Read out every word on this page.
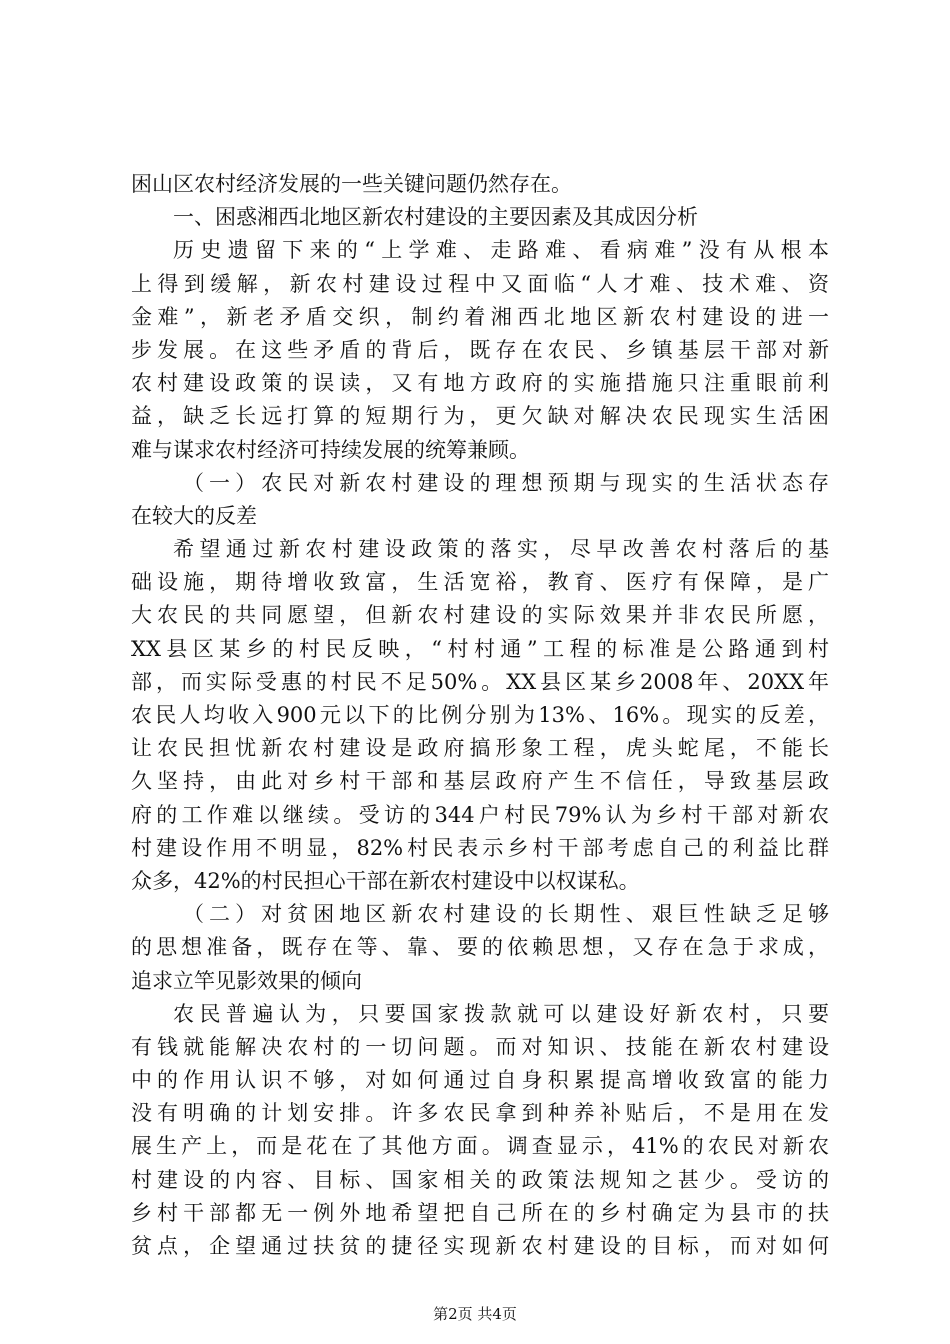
困山区农村经济发展的一些关键问题仍然存在。
一、困惑湘西北地区新农村建设的主要因素及其成因分析
历史遗留下来的“上学难、走路难、看病难”没有从根本
上得到缓解，新农村建设过程中又面临“人才难、技术难、资
金难”，新老矛盾交织，制约着湘西北地区新农村建设的进一
步发展。在这些矛盾的背后，既存在农民、乡镇基层干部对新
农村建设政策的误读，又有地方政府的实施措施只注重眼前利
益，缺乏长远打算的短期行为，更欠缺对解决农民现实生活困
难与谋求农村经济可持续发展的统筹兼顾。
（一）农民对新农村建设的理想预期与现实的生活状态存
在较大的反差
希望通过新农村建设政策的落实，尽早改善农村落后的基
础设施，期待增收致富，生活宽裕，教育、医疗有保障，是广
大农民的共同愿望，但新农村建设的实际效果并非农民所愿，
XX县区某乡的村民反映，“村村通”工程的标准是公路通到村
部，而实际受惠的村民不足50%。XX县区某乡2008年、20XX年
农民人均收入900元以下的比例分别为13%、16%。现实的反差，
让农民担忧新农村建设是政府搞形象工程，虎头蛇尾，不能长
久坚持，由此对乡村干部和基层政府产生不信任，导致基层政
府的工作难以继续。受访的344户村民79%认为乡村干部对新农
村建设作用不明显，82%村民表示乡村干部考虑自己的利益比群
众多，42%的村民担心干部在新农村建设中以权谋私。
（二）对贫困地区新农村建设的长期性、艰巨性缺乏足够
的思想准备，既存在等、靠、要的依赖思想，又存在急于求成，
追求立竿见影效果的倾向
农民普遍认为，只要国家拨款就可以建设好新农村，只要
有钱就能解决农村的一切问题。而对知识、技能在新农村建设
中的作用认识不够，对如何通过自身积累提高增收致富的能力
没有明确的计划安排。许多农民拿到种养补贴后，不是用在发
展生产上，而是花在了其他方面。调查显示，41%的农民对新农
村建设的内容、目标、国家相关的政策法规知之甚少。受访的
乡村干部都无一例外地希望把自己所在的乡村确定为县市的扶
贫点，企望通过扶贫的捷径实现新农村建设的目标，而对如何
第2页 共4页
